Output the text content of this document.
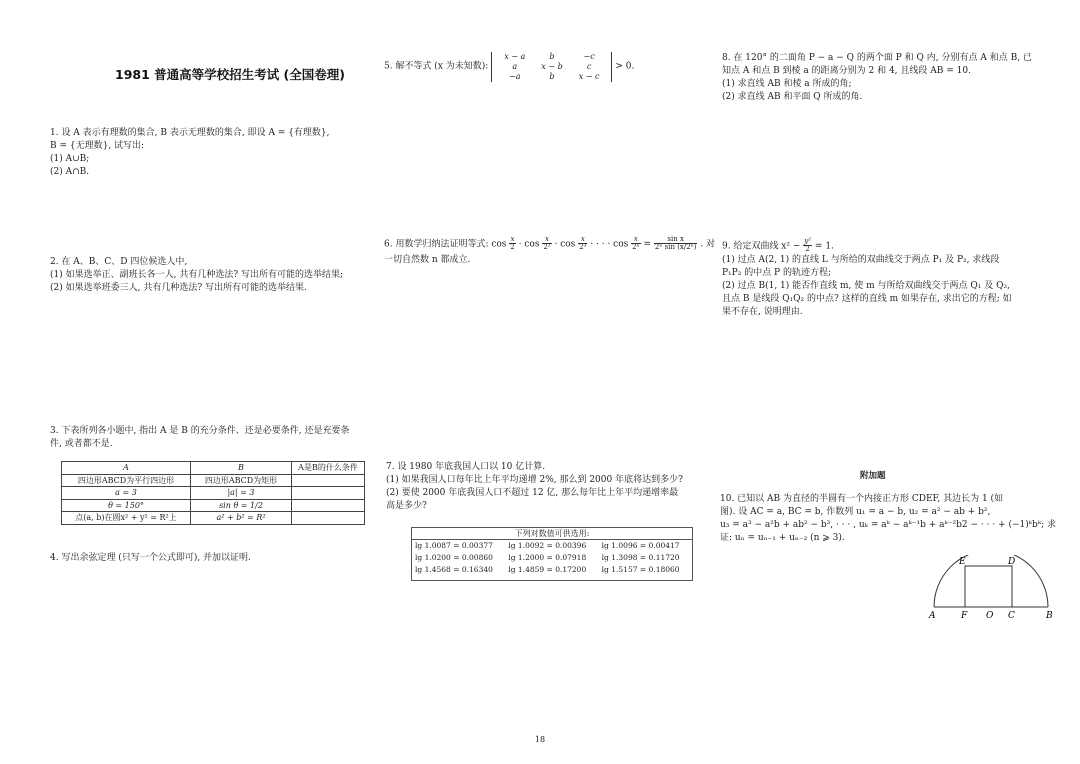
1981 普通高等学校招生考试 (全国卷理)

1. 设 A 表示有理数的集合, B 表示无理数的集合, 即设 A = {有理数},

B = {无理数}, 试写出:

(1) A∪B;

(2) A∩B.

2. 在 A、B、C、D 四位候选人中,

(1) 如果选举正、副班长各一人, 共有几种选法? 写出所有可能的选举结果;

(2) 如果选举班委三人, 共有几种选法? 写出所有可能的选举结果.

3. 下表所列各小题中, 指出 A 是 B 的充分条件、还是必要条件, 还是充要条

件, 或者都不是.

A	B	A是B的什么条件
四边形ABCD为平行四边形	四边形ABCD为矩形	
a = 3	|a| = 3	
θ = 150°	sin θ = 1/2	
点(a, b)在圆x² + y² = R²上	a² + b² = R²	

4. 写出余弦定理 (只写一个公式即可), 并加以证明.

5. 解不等式 (x 为未知数):
x − a	b	−c
a	x − b	c
−a	b	x − c
> 0.

6. 用数学归纳法证明等式: $\cos \frac{x}{2} \cdot \cos \frac{x}{\text{2²}} \cdot \cos \frac{x}{\text{2³}}$ · · · · $\cos \frac{x}{\text{2ⁿ}} = \frac{\text{sin x}}{\text{2ⁿ sin (x/2ⁿ)}}$ . 对

一切自然数 n 都成立.

7. 设 1980 年底我国人口以 10 亿计算.

(1) 如果我国人口每年比上年平均递增 2%, 那么到 2000 年底将达到多少?

(2) 要使 2000 年底我国人口不超过 12 亿, 那么每年比上年平均递增率最

高是多少?

下列对数值可供选用:
lg 1.0087 = 0.00377	lg 1.0092 = 0.00396	lg 1.0096 = 0.00417
lg 1.0200 = 0.00860	lg 1.2000 = 0.07918	lg 1.3098 = 0.11720
lg 1.4568 = 0.16340	lg 1.4859 = 0.17200	lg 1.5157 = 0.18060

8. 在 120° 的二面角 P − a − Q 的两个面 P 和 Q 内, 分别有点 A 和点 B, 已

知点 A 和点 B 到棱 a 的距离分别为 2 和 4, 且线段 AB = 10.

(1) 求直线 AB 和棱 a 所成的角;

(2) 求直线 AB 和平面 Q 所成的角.

9. 给定双曲线 $x^2 - \frac{\text{y²}}{2} = 1$.

(1) 过点 A(2, 1) 的直线 L 与所给的双曲线交于两点 P₁ 及 P₂, 求线段

P₁P₂ 的中点 P 的轨迹方程;

(2) 过点 B(1, 1) 能否作直线 m, 使 m 与所给双曲线交于两点 Q₁ 及 Q₂,

且点 B 是线段 Q₁Q₂ 的中点? 这样的直线 m 如果存在, 求出它的方程; 如

果不存在, 说明理由.

附加题

10. 已知以 AB 为直径的半圆有一个内接正方形 CDEF, 其边长为 1 (如

图). 设 AC = a, BC = b, 作数列 u₁ = a − b, u₂ = a² − ab + b²,

u₃ = a³ − a²b + ab² − b³, · · · , uₖ = aᵏ − aᵏ⁻¹b + aᵏ⁻²b2 − · · · + (−1)ᵏbᵏ; 求

证: uₙ = uₙ₋₁ + uₙ₋₂ (n ⩾ 3).

A	F O C	B
E	D
18
